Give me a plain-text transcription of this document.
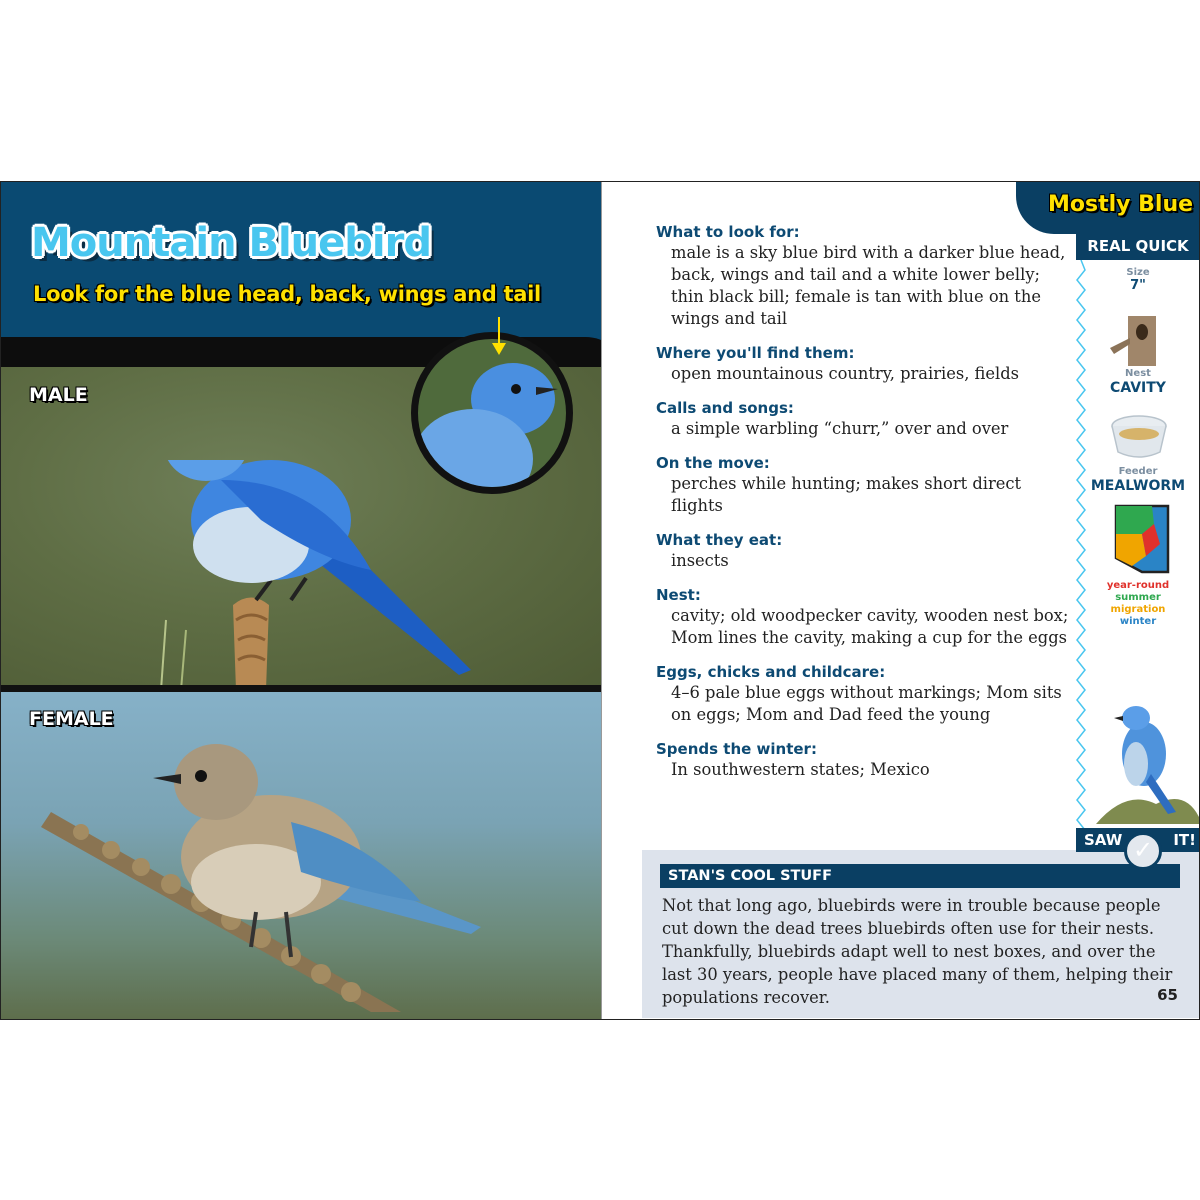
Mountain Bluebird
Look for the blue head, back, wings and tail
MALE
FEMALE
What to look for:
male is a sky blue bird with a darker blue head, back, wings and tail and a white lower belly; thin black bill; female is tan with blue on the wings and tail
Where you'll find them:
open mountainous country, prairies, fields
Calls and songs:
a simple warbling “churr,” over and over
On the move:
perches while hunting; makes short direct flights
What they eat:
insects
Nest:
cavity; old woodpecker cavity, wooden nest box; Mom lines the cavity, making a cup for the eggs
Eggs, chicks and childcare:
4–6 pale blue eggs without markings; Mom sits on eggs; Mom and Dad feed the young
Spends the winter:
In southwestern states; Mexico
Mostly Blue
REAL QUICK
Size
7"
Nest
CAVITY
Feeder
MEALWORM
year-round
summer
migration
winter
STAN'S COOL STUFF
Not that long ago, bluebirds were in trouble because people cut down the dead trees bluebirds often use for their nests. Thankfully, bluebirds adapt well to nest boxes, and over the last 30 years, people have placed many of them, helping their populations recover.	65
SAW	IT!
✓
